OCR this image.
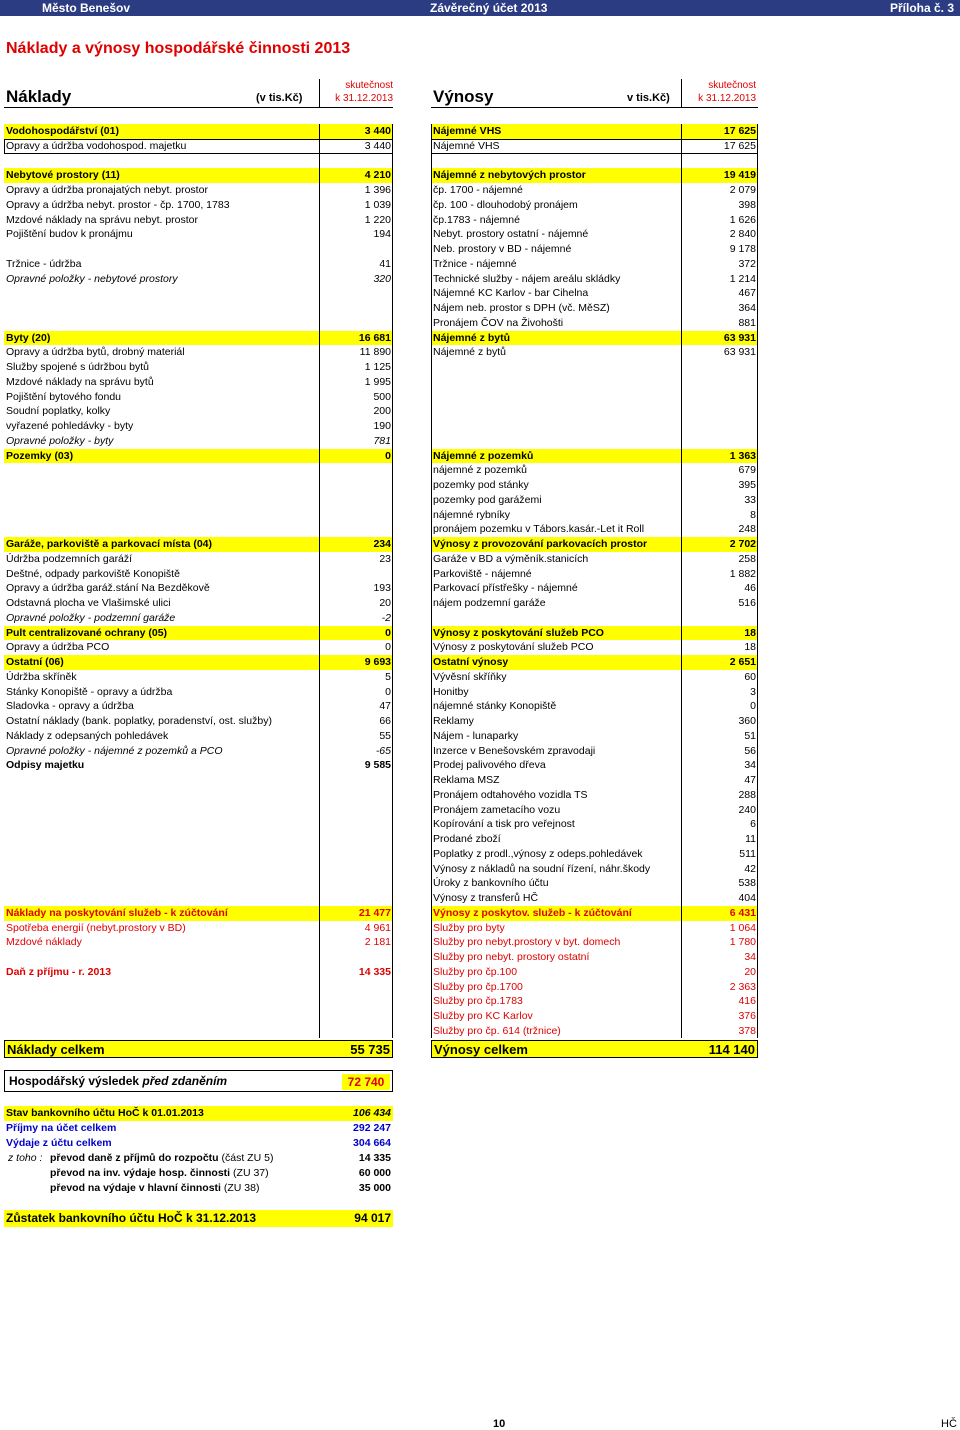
Město Benešov	Závěrečný účet 2013	Příloha č. 3
Náklady a výnosy hospodářské činnosti 2013
Náklady	(v tis.Kč)
skutečnost
k 31.12.2013 Výnosy	v tis.Kč)
skutečnost
k 31.12.2013
Vodohospodářství (01)	3 440
Opravy a údržba vodohospod. majetku	3 440
Nebytové prostory (11)	4 210
Opravy a údržba pronajatých nebyt. prostor	1 396
Opravy a údržba nebyt. prostor - čp. 1700, 1783	1 039
Mzdové náklady na správu nebyt. prostor	1 220
Pojištění budov k pronájmu	194
Tržnice - údržba	41
Opravné položky - nebytové prostory	320
Byty (20)	16 681
Opravy a údržba bytů, drobný materiál	11 890
Služby spojené s údržbou bytů	1 125
Mzdové náklady na správu bytů	1 995
Pojištění bytového fondu	500
Soudní poplatky, kolky	200
vyřazené pohledávky - byty	190
Opravné položky - byty	781
Pozemky (03)	0
Garáže, parkoviště a parkovací místa (04)	234
Údržba podzemních garáží	23
Deštné, odpady parkoviště Konopiště
Opravy a údržba garáž.stání Na Bezděkově	193
Odstavná plocha ve Vlašimské ulici	20
Opravné položky - podzemní garáže	-2
Pult centralizované ochrany (05)	0
Opravy a údržba PCO	0
Ostatní (06)	9 693
Údržba skříněk	5
Stánky Konopiště - opravy a údržba	0
Sladovka - opravy a údržba	47
Ostatní náklady (bank. poplatky, poradenství, ost. služby)	66
Náklady z odepsaných pohledávek	55
Opravné položky - nájemné z pozemků a PCO	-65
Odpisy majetku	9 585
Náklady na poskytování služeb - k zúčtování	21 477
Spotřeba energií (nebyt.prostory v BD)	4 961
Mzdové náklady	2 181
Daň z příjmu - r. 2013	14 335
Nájemné VHS	17 625
Nájemné VHS	17 625
Nájemné z nebytových prostor	19 419
čp. 1700 - nájemné	2 079
čp. 100 - dlouhodobý pronájem	398
čp.1783 - nájemné	1 626
Nebyt. prostory ostatní - nájemné	2 840
Neb. prostory v BD - nájemné	9 178
Tržnice - nájemné	372
Technické služby - nájem areálu skládky	1 214
Nájemné KC Karlov - bar Cihelna	467
Nájem neb. prostor s DPH (vč. MěSZ)	364
Pronájem ČOV na Živohošti	881
Nájemné z bytů	63 931
Nájemné z bytů	63 931
Nájemné z pozemků	1 363
nájemné z pozemků	679
pozemky pod stánky	395
pozemky pod garážemi	33
nájemné rybníky	8
pronájem pozemku v Tábors.kasár.-Let it Roll	248
Výnosy z provozování parkovacích prostor	2 702
Garáže v BD a výměník.stanicích	258
Parkoviště - nájemné	1 882
Parkovací přístřešky - nájemné	46
nájem podzemní garáže	516
Výnosy z poskytování služeb PCO	18
Výnosy z poskytování služeb PCO	18
Ostatní výnosy	2 651
Vývěsní skříňky	60
Honitby	3
nájemné stánky Konopiště	0
Reklamy	360
Nájem - lunaparky	51
Inzerce v Benešovském zpravodaji	56
Prodej palivového dřeva	34
Reklama MSZ	47
Pronájem odtahového vozidla TS	288
Pronájem zametacího vozu	240
Kopírování a tisk pro veřejnost	6
Prodané zboží	11
Poplatky z prodl.,výnosy z odeps.pohledávek	511
Výnosy z nákladů na soudní řízení, náhr.škody	42
Úroky z bankovního účtu	538
Výnosy z transferů HČ	404
Výnosy z poskytov. služeb - k zúčtování	6 431
Služby pro byty	1 064
Služby pro nebyt.prostory v byt. domech	1 780
Služby pro nebyt. prostory ostatní	34
Služby pro čp.100	20
Služby pro čp.1700	2 363
Služby pro čp.1783	416
Služby pro KC Karlov	376
Služby pro čp. 614 (tržnice)	378
Náklady celkem	55 735	Výnosy celkem	114 140
Hospodářský výsledek před zdaněním	72 740
Stav bankovního účtu HoČ k 01.01.2013	106 434
Příjmy na účet celkem	292 247
Výdaje z účtu celkem	304 664
z toho : převod daně z příjmů do rozpočtu (část ZU 5)	14 335
převod na inv. výdaje hosp. činnosti (ZU 37)	60 000
převod na výdaje v hlavní činnosti (ZU 38)	35 000
Zůstatek bankovního účtu HoČ k 31.12.2013	94 017
10	HČ
